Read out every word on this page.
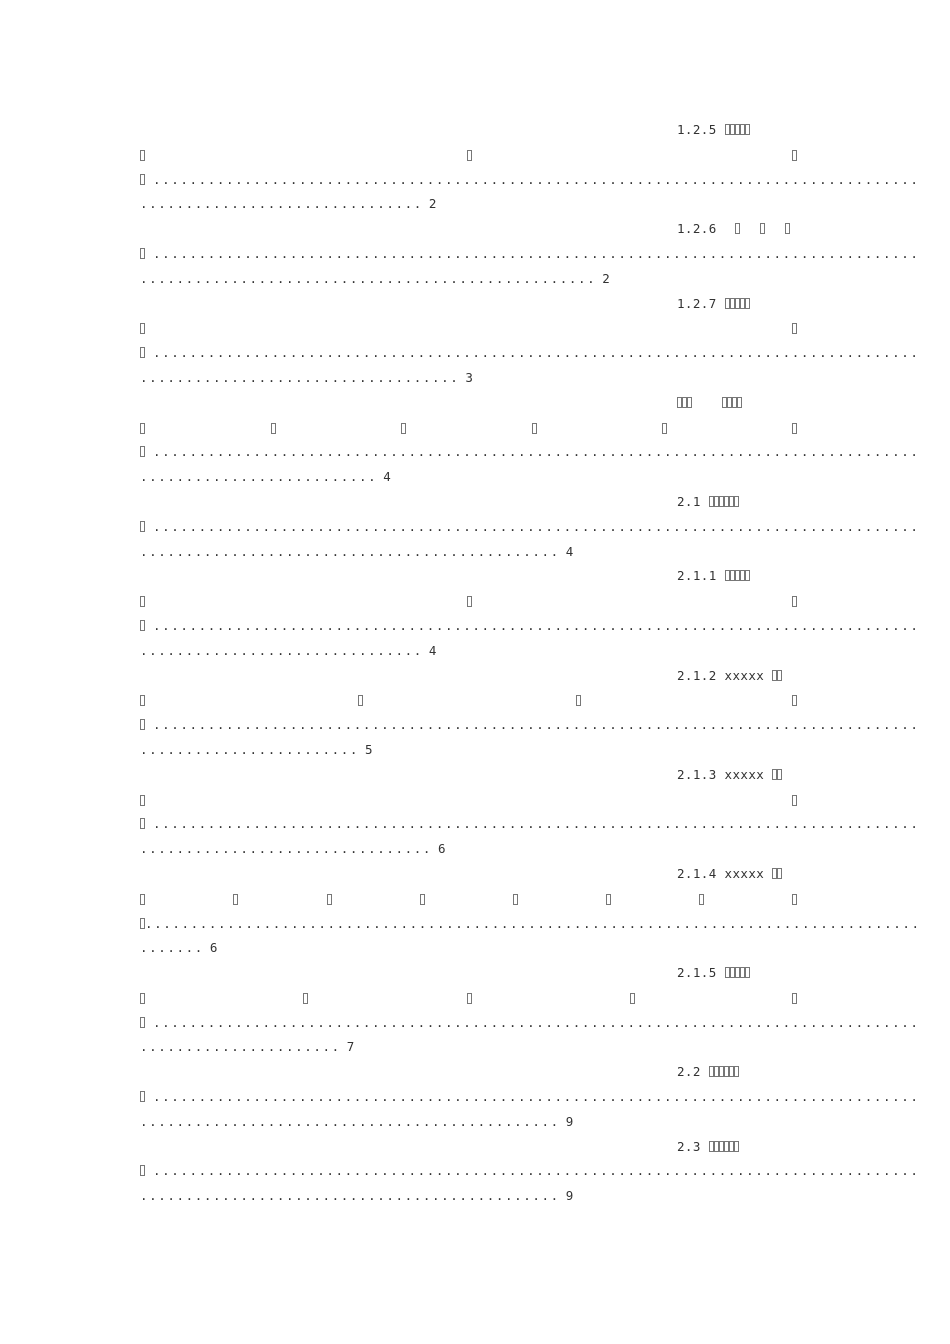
1.2.5
....................................................................................
............................... 2
1.2.6
....................................................................................
.................................................. 2
1.2.7
....................................................................................
................................... 3
....................................................................................
.......................... 4
2.1
....................................................................................
.............................................. 4
2.1.1
....................................................................................
............................... 4
2.1.2 xxxxx
....................................................................................
........................ 5
2.1.3 xxxxx
....................................................................................
................................ 6
2.1.4 xxxxx
.....................................................................................
....... 6
2.1.5
....................................................................................
...................... 7
2.2
....................................................................................
.............................................. 9
2.3
....................................................................................
.............................................. 9
